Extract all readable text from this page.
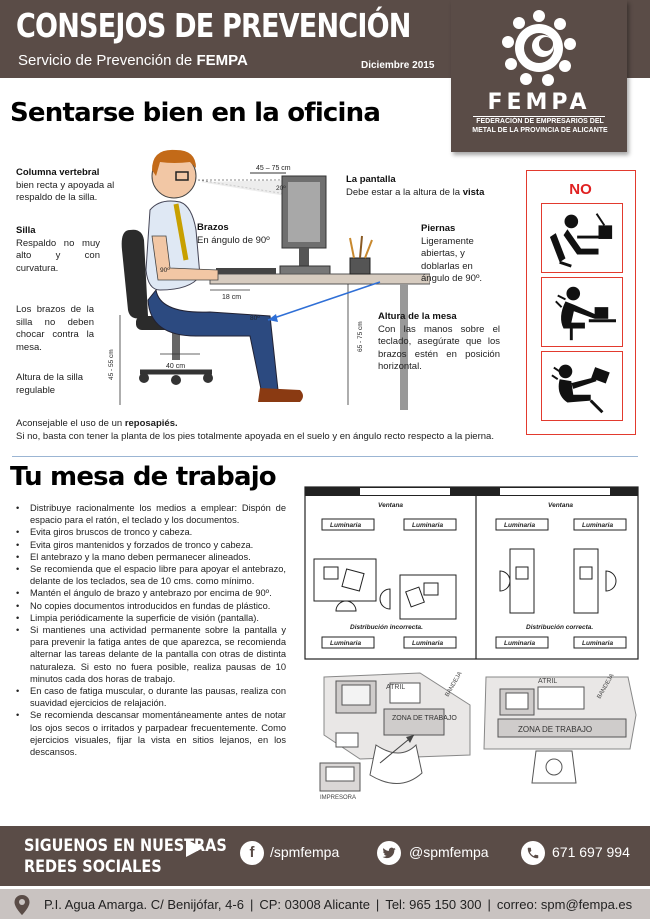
CONSEJOS DE PREVENCIÓN
Servicio de Prevención de FEMPA	Diciembre 2015
FEMPA
FEDERACIÓN DE EMPRESARIOS DEL
METAL DE LA PROVINCIA DE ALICANTE
Sentarse bien en la oficina
Columna vertebral
bien recta y apoyada al respaldo de la silla.
Silla
Respaldo no muy alto y con curvatura.
Los brazos de la silla no deben chocar contra la mesa.
Altura de la silla regulable
45 – 75 cm
20º
90º
80º
18 cm
40 cm
45 - 55 cm
65 - 75 cm
Brazos
En ángulo de 90º
La pantalla
Debe estar a la altura de la vista
Piernas
Ligeramente abiertas, y doblarlas en ángulo de 90º.
Altura de la mesa
Con las manos sobre el teclado, asegúrate que los brazos estén en posición horizontal.
NO
Aconsejable el uso de un reposapiés.
Si no, basta con tener la planta de los pies totalmente apoyada en el suelo y en ángulo recto respecto a la pierna.
Tu mesa de trabajo
• Distribuye racionalmente los medios a emplear: Dispón de espacio para el ratón, el teclado y los documentos.
• Evita giros bruscos de tronco y cabeza.
• Evita giros mantenidos y forzados de tronco y cabeza.
• El antebrazo y la mano deben permanecer alineados.
• Se recomienda que el espacio libre para apoyar el antebrazo, delante de los teclados, sea de 10 cms. como mínimo.
• Mantén el ángulo de brazo y antebrazo por encima de 90º.
• No copies documentos introducidos en fundas de plástico.
• Limpia periódicamente la superficie de visión (pantalla).
• Si mantienes una actividad permanente sobre la pantalla y para prevenir la fatiga antes de que aparezca, se recomienda alternar las tareas delante de la pantalla con otras de distinta naturaleza. Si esto no fuera posible, realiza pausas de 10 minutos cada dos horas de trabajo.
• En caso de fatiga muscular, o durante las pausas, realiza con suavidad ejercicios de relajación.
• Se recomienda descansar momentáneamente antes de notar los ojos secos o irritados y parpadear frecuentemente. Como ejercicios visuales, fijar la vista en sitios lejanos, en los descansos.
Ventana	Ventana
Luminaria	Luminaria	Luminaria	Luminaria
Distribución incorrecta.	Distribución correcta.
Luminaria	Luminaria	Luminaria	Luminaria
ATRIL	BANDEJA
ZONA DE TRABAJO
IMPRESORA
ATRIL	BANDEJA
ZONA DE TRABAJO
SIGUENOS EN NUESTRAS
REDES SOCIALES
f	/spmfempa	@spmfempa	671 697 994
P.I. Agua Amarga. C/ Benijófar, 4-6 | CP: 03008 Alicante | Tel: 965 150 300 | correo: spm@fempa.es
